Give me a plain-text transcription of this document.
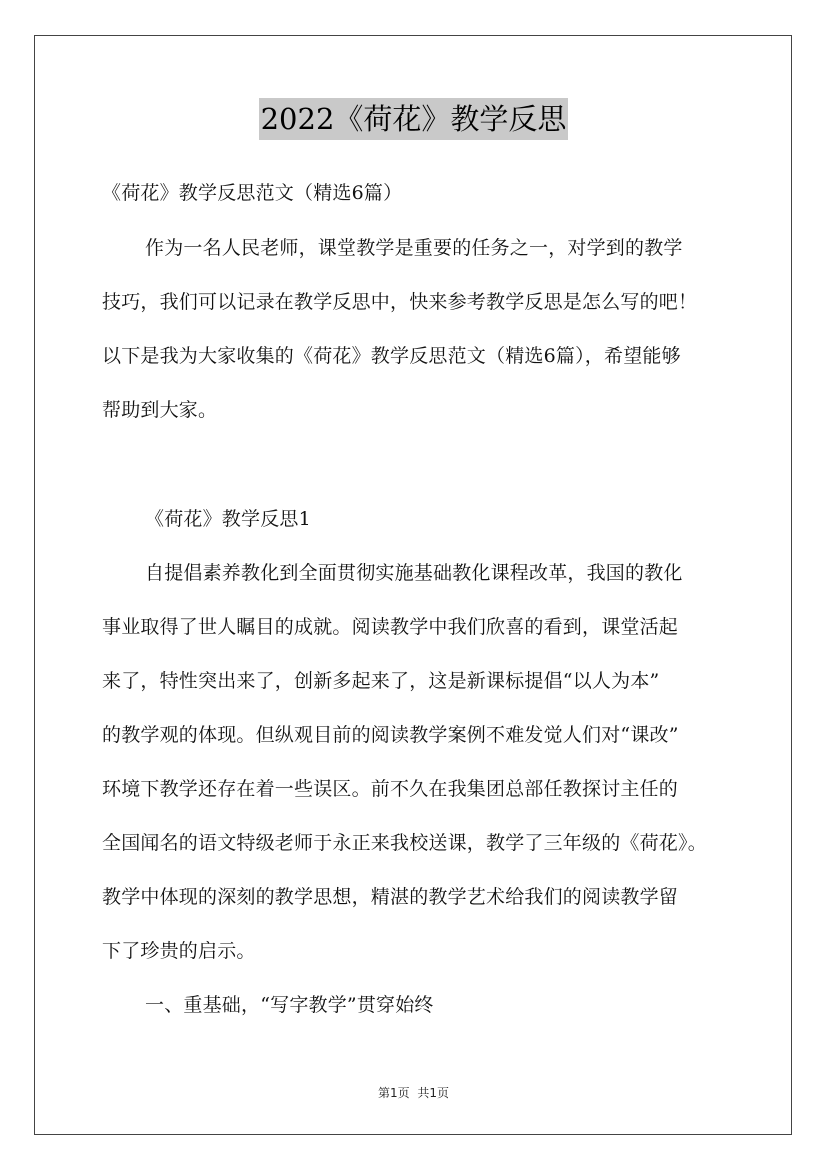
2022《荷花》教学反思
《荷花》教学反思范文（精选6篇）
作为一名人民老师，课堂教学是重要的任务之一，对学到的教学
技巧，我们可以记录在教学反思中，快来参考教学反思是怎么写的吧！
以下是我为大家收集的《荷花》教学反思范文（精选6篇），希望能够
帮助到大家。
《荷花》教学反思1
自提倡素养教化到全面贯彻实施基础教化课程改革，我国的教化
事业取得了世人瞩目的成就。阅读教学中我们欣喜的看到，课堂活起
来了，特性突出来了，创新多起来了，这是新课标提倡“以人为本”
的教学观的体现。但纵观目前的阅读教学案例不难发觉人们对“课改”
环境下教学还存在着一些误区。前不久在我集团总部任教探讨主任的
全国闻名的语文特级老师于永正来我校送课，教学了三年级的《荷花》。
教学中体现的深刻的教学思想，精湛的教学艺术给我们的阅读教学留
下了珍贵的启示。
一、重基础，“写字教学”贯穿始终
第1页 共1页
